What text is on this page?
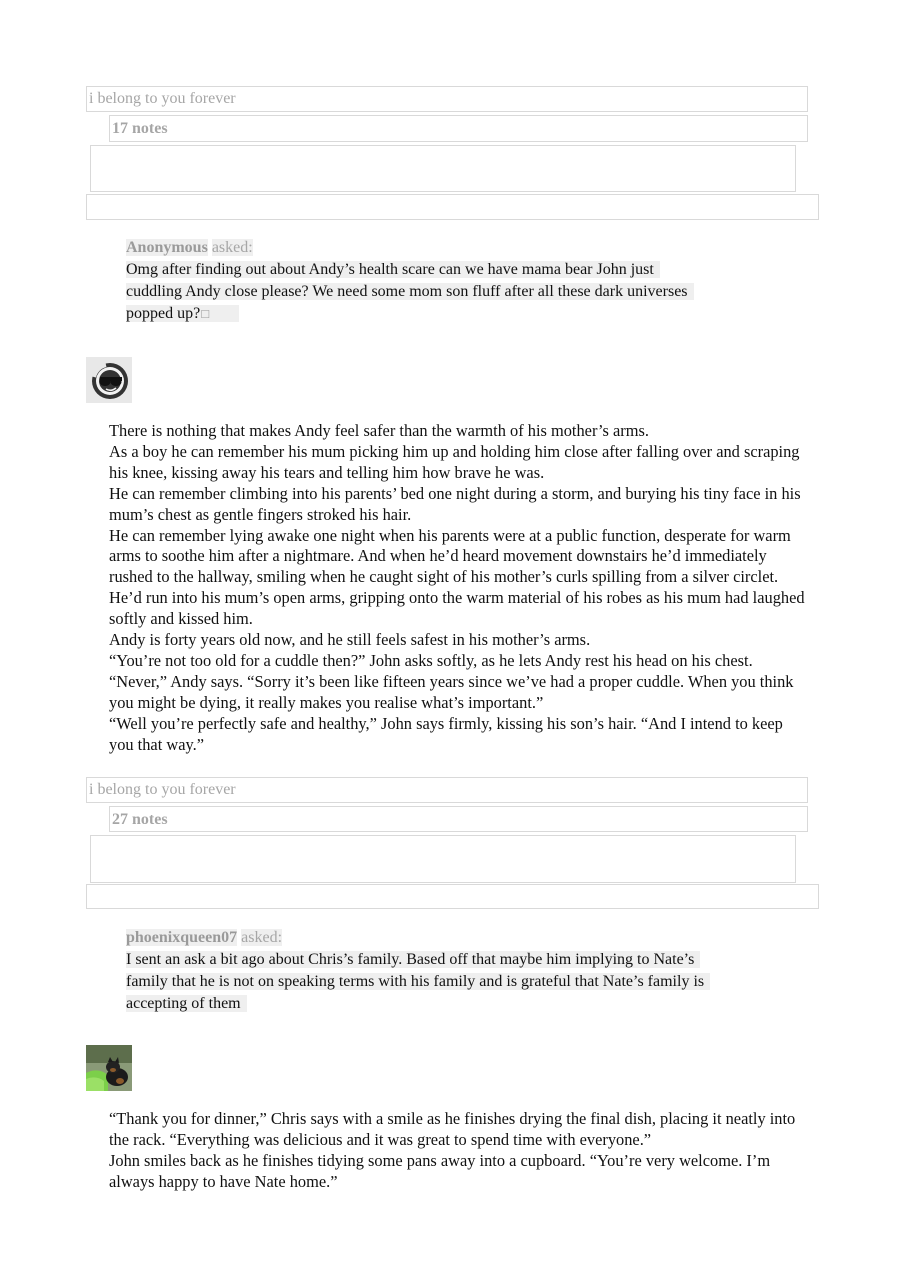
i belong to you forever
17 notes
Anonymous asked:
Omg after finding out about Andy’s health scare can we have mama bear John just cuddling Andy close please? We need some mom son fluff after all these dark universes popped up?□

There is nothing that makes Andy feel safer than the warmth of his mother’s arms.

As a boy he can remember his mum picking him up and holding him close after falling over and scraping his knee, kissing away his tears and telling him how brave he was.

He can remember climbing into his parents’ bed one night during a storm, and burying his tiny face in his mum’s chest as gentle fingers stroked his hair.

He can remember lying awake one night when his parents were at a public function, desperate for warm arms to soothe him after a nightmare. And when he’d heard movement downstairs he’d immediately rushed to the hallway, smiling when he caught sight of his mother’s curls spilling from a silver circlet. He’d run into his mum’s open arms, gripping onto the warm material of his robes as his mum had laughed softly and kissed him.

Andy is forty years old now, and he still feels safest in his mother’s arms.

“You’re not too old for a cuddle then?” John asks softly, as he lets Andy rest his head on his chest.

“Never,” Andy says. “Sorry it’s been like fifteen years since we’ve had a proper cuddle. When you think you might be dying, it really makes you realise what’s important.”

“Well you’re perfectly safe and healthy,” John says firmly, kissing his son’s hair. “And I intend to keep you that way.”

i belong to you forever
27 notes
phoenixqueen07 asked:
I sent an ask a bit ago about Chris’s family. Based off that maybe him implying to Nate’s family that he is not on speaking terms with his family and is grateful that Nate’s family is accepting of them

“Thank you for dinner,” Chris says with a smile as he finishes drying the final dish, placing it neatly into the rack. “Everything was delicious and it was great to spend time with everyone.”

John smiles back as he finishes tidying some pans away into a cupboard. “You’re very welcome. I’m always happy to have Nate home.”
